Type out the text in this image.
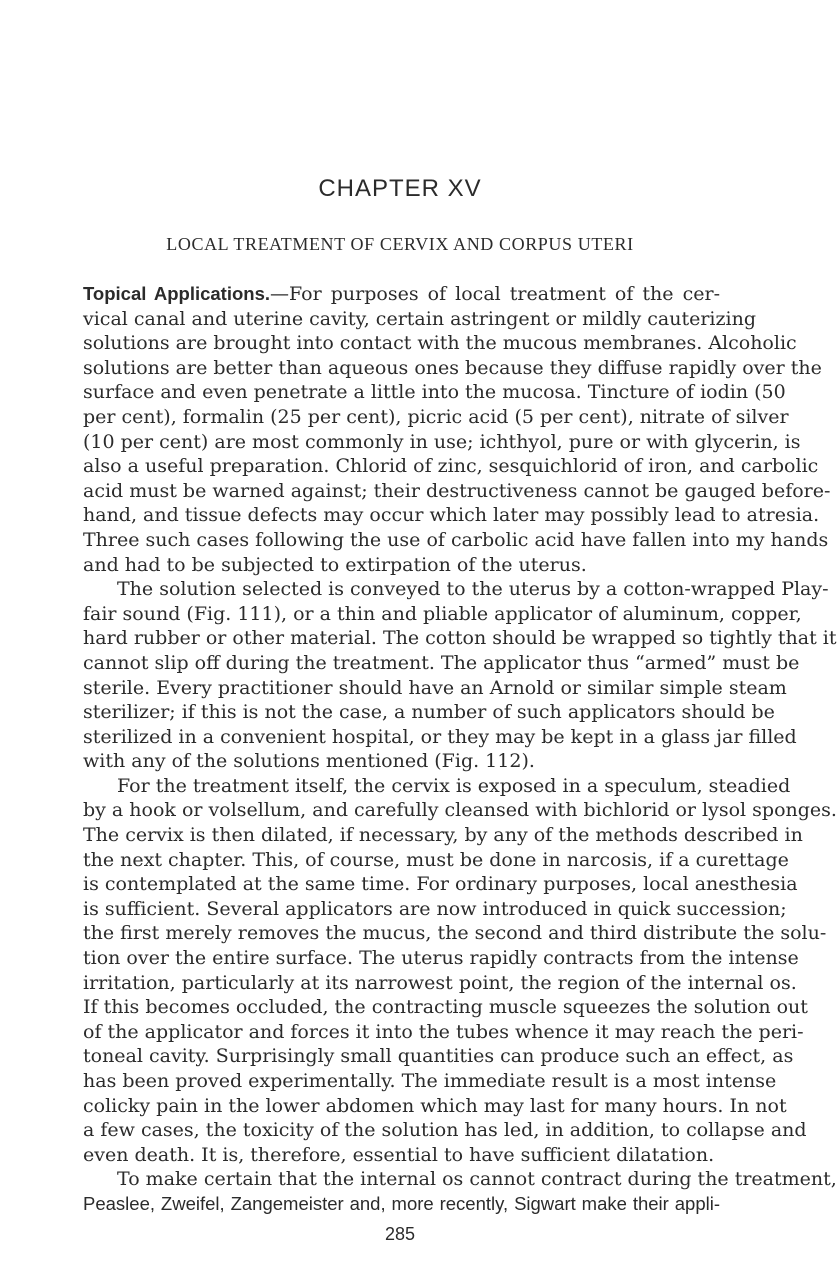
CHAPTER XV
LOCAL TREATMENT OF CERVIX AND CORPUS UTERI
Topical Applications.—For purposes of local treatment of the cer-
vical canal and uterine cavity, certain astringent or mildly cauterizing
solutions are brought into contact with the mucous membranes. Alcoholic
solutions are better than aqueous ones because they diffuse rapidly over the
surface and even penetrate a little into the mucosa. Tincture of iodin (50
per cent), formalin (25 per cent), picric acid (5 per cent), nitrate of silver
(10 per cent) are most commonly in use; ichthyol, pure or with glycerin, is
also a useful preparation. Chlorid of zinc, sesquichlorid of iron, and carbolic
acid must be warned against; their destructiveness cannot be gauged before-
hand, and tissue defects may occur which later may possibly lead to atresia.
Three such cases following the use of carbolic acid have fallen into my hands
and had to be subjected to extirpation of the uterus.
The solution selected is conveyed to the uterus by a cotton-wrapped Play-
fair sound (Fig. 111), or a thin and pliable applicator of aluminum, copper,
hard rubber or other material. The cotton should be wrapped so tightly that it
cannot slip off during the treatment. The applicator thus “armed” must be
sterile. Every practitioner should have an Arnold or similar simple steam
sterilizer; if this is not the case, a number of such applicators should be
sterilized in a convenient hospital, or they may be kept in a glass jar filled
with any of the solutions mentioned (Fig. 112).
For the treatment itself, the cervix is exposed in a speculum, steadied
by a hook or volsellum, and carefully cleansed with bichlorid or lysol sponges.
The cervix is then dilated, if necessary, by any of the methods described in
the next chapter. This, of course, must be done in narcosis, if a curettage
is contemplated at the same time. For ordinary purposes, local anesthesia
is sufficient. Several applicators are now introduced in quick succession;
the first merely removes the mucus, the second and third distribute the solu-
tion over the entire surface. The uterus rapidly contracts from the intense
irritation, particularly at its narrowest point, the region of the internal os.
If this becomes occluded, the contracting muscle squeezes the solution out
of the applicator and forces it into the tubes whence it may reach the peri-
toneal cavity. Surprisingly small quantities can produce such an effect, as
has been proved experimentally. The immediate result is a most intense
colicky pain in the lower abdomen which may last for many hours. In not
a few cases, the toxicity of the solution has led, in addition, to collapse and
even death. It is, therefore, essential to have sufficient dilatation.
To make certain that the internal os cannot contract during the treatment,
Peaslee, Zweifel, Zangemeister and, more recently, Sigwart make their appli-
285
